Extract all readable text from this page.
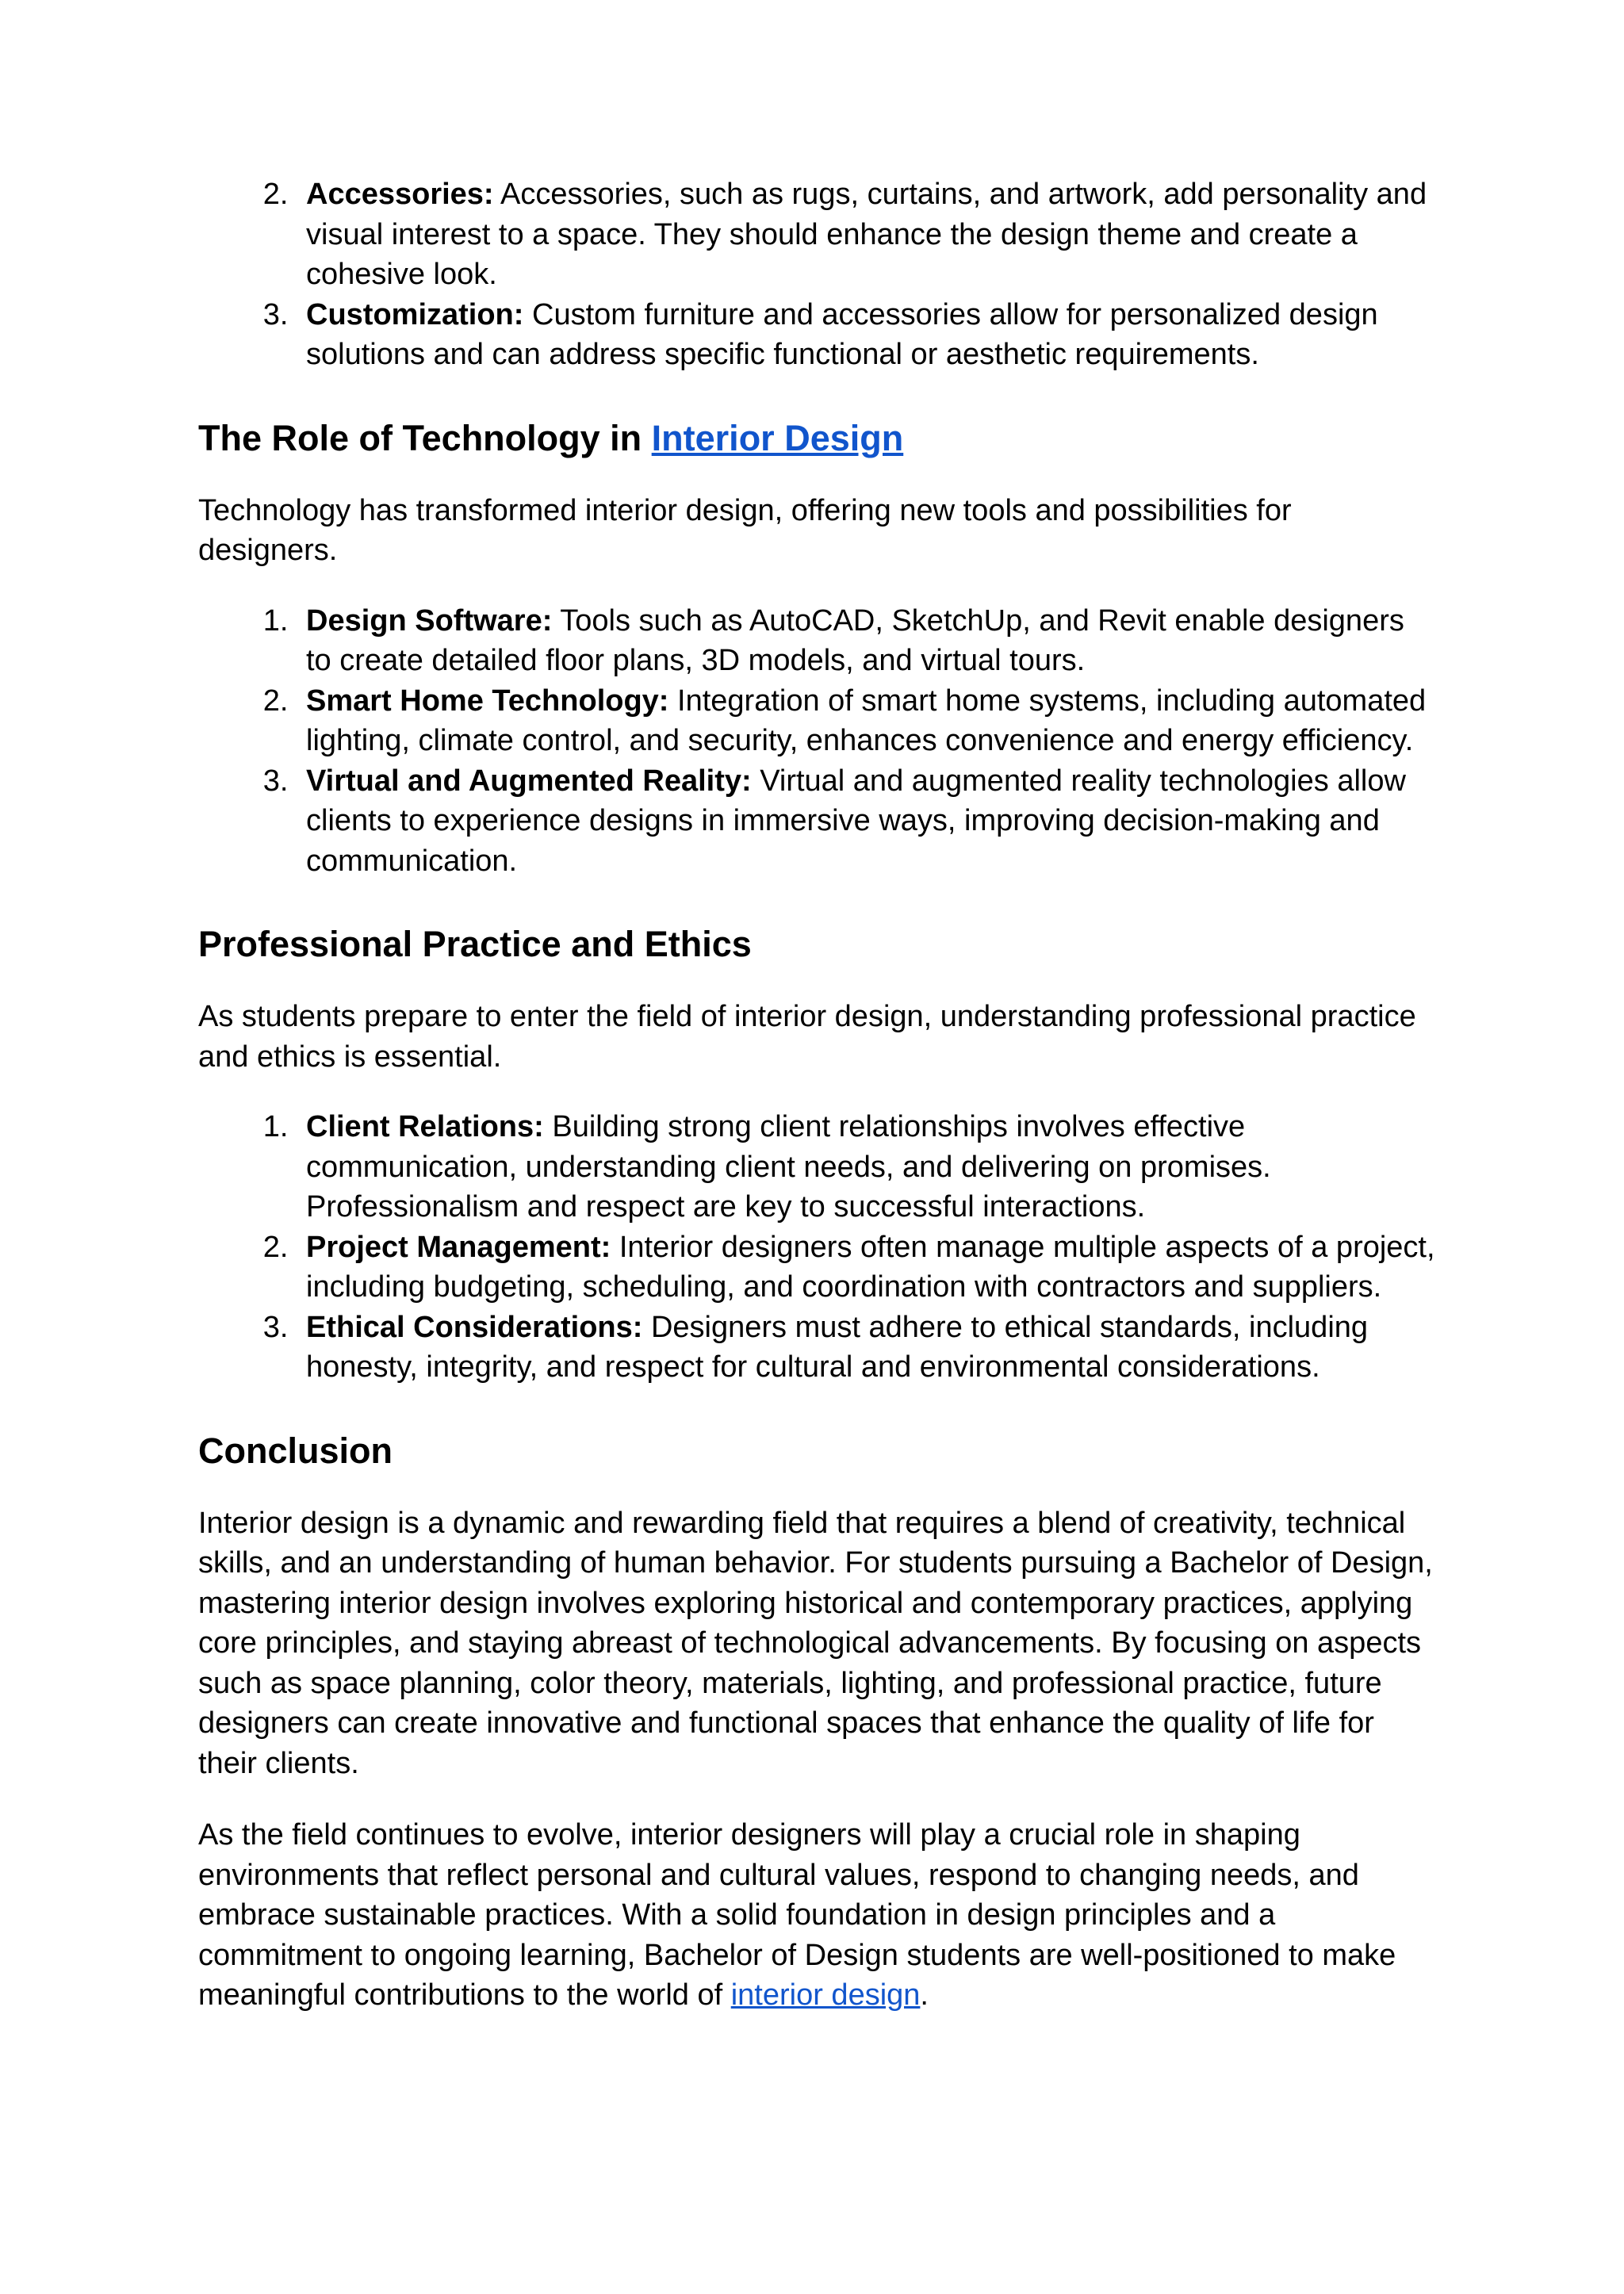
2. Accessories: Accessories, such as rugs, curtains, and artwork, add personality and visual interest to a space. They should enhance the design theme and create a cohesive look.
3. Customization: Custom furniture and accessories allow for personalized design solutions and can address specific functional or aesthetic requirements.
The Role of Technology in Interior Design

Technology has transformed interior design, offering new tools and possibilities for designers.

1. Design Software: Tools such as AutoCAD, SketchUp, and Revit enable designers to create detailed floor plans, 3D models, and virtual tours.
2. Smart Home Technology: Integration of smart home systems, including automated lighting, climate control, and security, enhances convenience and energy efficiency.
3. Virtual and Augmented Reality: Virtual and augmented reality technologies allow clients to experience designs in immersive ways, improving decision-making and communication.
Professional Practice and Ethics

As students prepare to enter the field of interior design, understanding professional practice and ethics is essential.

1. Client Relations: Building strong client relationships involves effective communication, understanding client needs, and delivering on promises. Professionalism and respect are key to successful interactions.
2. Project Management: Interior designers often manage multiple aspects of a project, including budgeting, scheduling, and coordination with contractors and suppliers.
3. Ethical Considerations: Designers must adhere to ethical standards, including honesty, integrity, and respect for cultural and environmental considerations.
Conclusion

Interior design is a dynamic and rewarding field that requires a blend of creativity, technical skills, and an understanding of human behavior. For students pursuing a Bachelor of Design, mastering interior design involves exploring historical and contemporary practices, applying core principles, and staying abreast of technological advancements. By focusing on aspects such as space planning, color theory, materials, lighting, and professional practice, future designers can create innovative and functional spaces that enhance the quality of life for their clients.

As the field continues to evolve, interior designers will play a crucial role in shaping environments that reflect personal and cultural values, respond to changing needs, and embrace sustainable practices. With a solid foundation in design principles and a commitment to ongoing learning, Bachelor of Design students are well-positioned to make meaningful contributions to the world of interior design.
